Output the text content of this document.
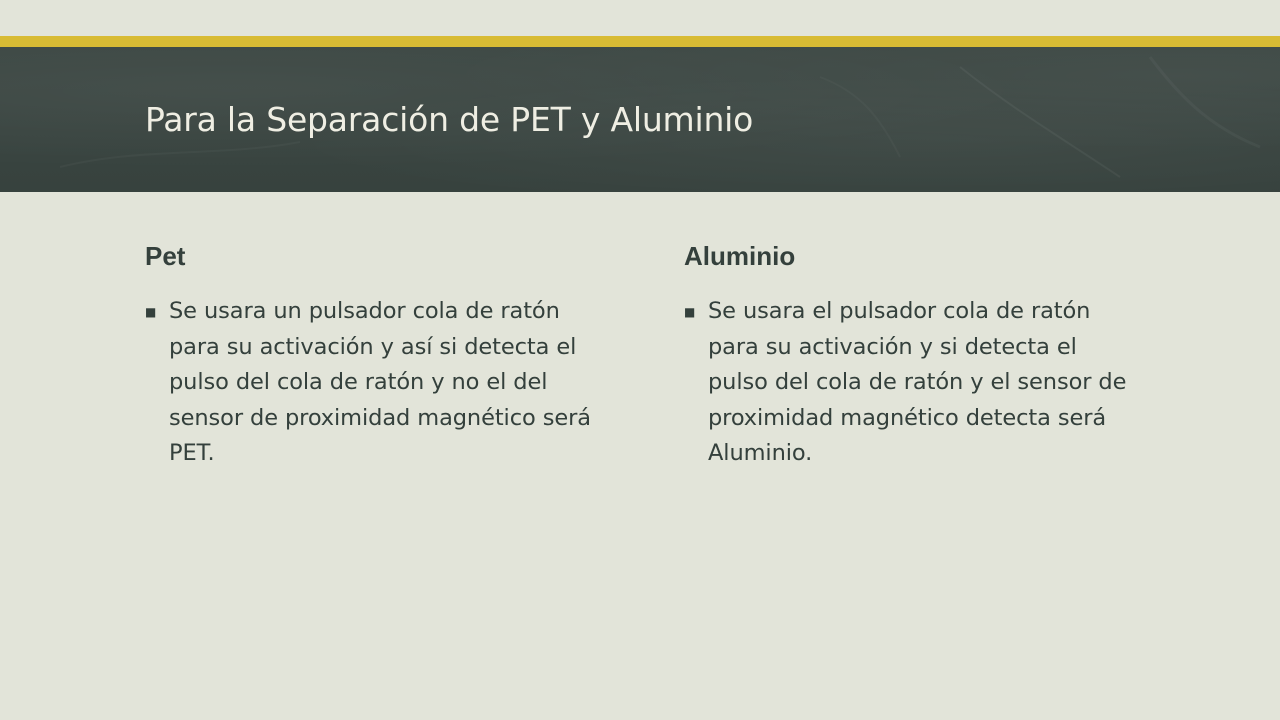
Para la Separación de PET y Aluminio
Pet
■ Se usara un pulsador cola de ratón para su activación y así si detecta el pulso del cola de ratón y no el del sensor de proximidad magnético será PET.
Aluminio
■ Se usara el pulsador cola de ratón para su activación y si detecta el pulso del cola de ratón y el sensor de proximidad magnético detecta será Aluminio.
